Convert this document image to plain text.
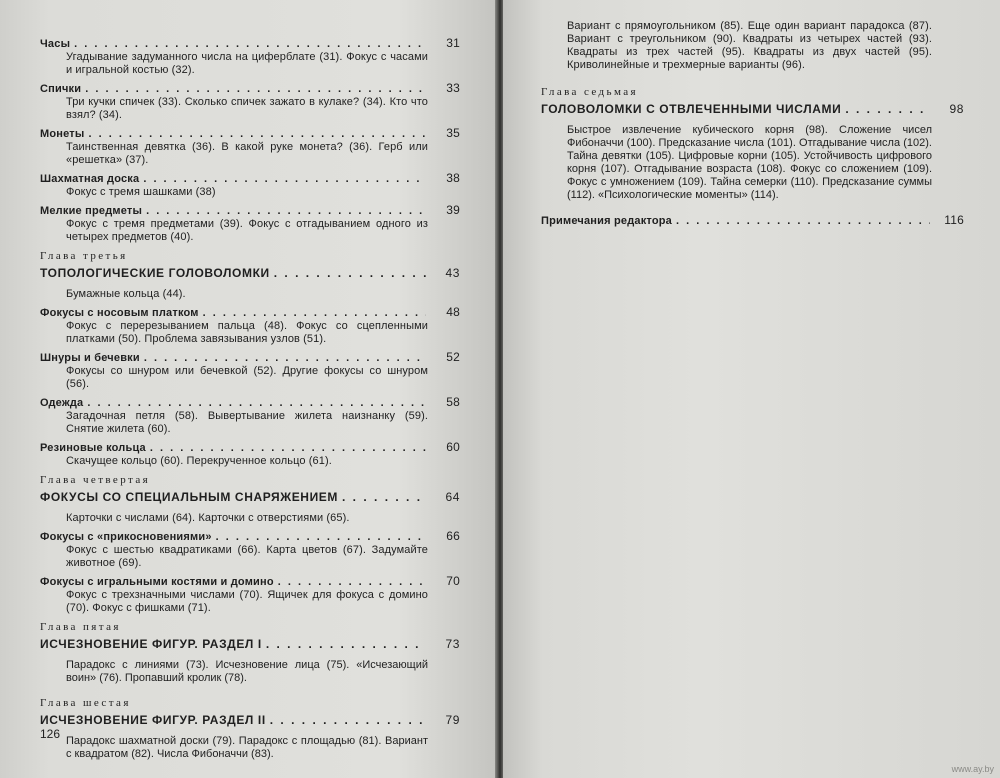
Часы . . .	31
Угадывание задуманного числа на циферблате (31). Фокус с часами и игральной костью (32).
Спички . . .	33
Три кучки спичек (33). Сколько спичек зажато в кулаке? (34). Кто что взял? (34).
Монеты . . .	35
Таинственная девятка (36). В какой руке монета? (36). Герб или «решетка» (37).
Шахматная доска . . .	38
Фокус с тремя шашками (38)
Мелкие предметы . . .	39
Фокус с тремя предметами (39). Фокус с отгадыванием одного из четырех предметов (40).
Глава третья
ТОПОЛОГИЧЕСКИЕ ГОЛОВОЛОМКИ . . .	43
Бумажные кольца (44).
Фокусы с носовым платком . . .	48
Фокус с перерезыванием пальца (48). Фокус со сцепленными платками (50). Проблема завязывания узлов (51).
Шнуры и бечевки . . .	52
Фокусы со шнуром или бечевкой (52). Другие фокусы со шнуром (56).
Одежда . . .	58
Загадочная петля (58). Вывертывание жилета наизнанку (59). Снятие жилета (60).
Резиновые кольца . . .	60
Скачущее кольцо (60). Перекрученное кольцо (61).
Глава четвертая
ФОКУСЫ СО СПЕЦИАЛЬНЫМ СНАРЯЖЕНИЕМ . . .	64
Карточки с числами (64). Карточки с отверстиями (65).
Фокусы с «прикосновениями» . . .	66
Фокус с шестью квадратиками (66). Карта цветов (67). Задумайте животное (69).
Фокусы с игральными костями и домино . . .	70
Фокус с трехзначными числами (70). Ящичек для фокуса с домино (70). Фокус с фишками (71).
Глава пятая
ИСЧЕЗНОВЕНИЕ ФИГУР. РАЗДЕЛ I . . .	73
Парадокс с линиями (73). Исчезновение лица (75). «Исчезающий воин» (76). Пропавший кролик (78).
Глава шестая
ИСЧЕЗНОВЕНИЕ ФИГУР. РАЗДЕЛ II . . .	79
Парадокс шахматной доски (79). Парадокс с площадью (81). Вариант с квадратом (82). Числа Фибоначчи (83).
126
Вариант с прямоугольником (85). Еще один вариант парадокса (87). Вариант с треугольником (90). Квадраты из четырех частей (93). Квадраты из трех частей (95). Квадраты из двух частей (95). Криволинейные и трехмерные варианты (96).
Глава седьмая
ГОЛОВОЛОМКИ С ОТВЛЕЧЕННЫМИ ЧИСЛАМИ . . .	98
Быстрое извлечение кубического корня (98). Сложение чисел Фибоначчи (100). Предсказание числа (101). Отгадывание числа (102). Тайна девятки (105). Цифровые корни (105). Устойчивость цифрового корня (107). Отгадывание возраста (108). Фокус со сложением (109). Фокус с умножением (109). Тайна семерки (110). Предсказание суммы (112). «Психологические моменты» (114).
Примечания редактора . . .	116
www.ay.by
